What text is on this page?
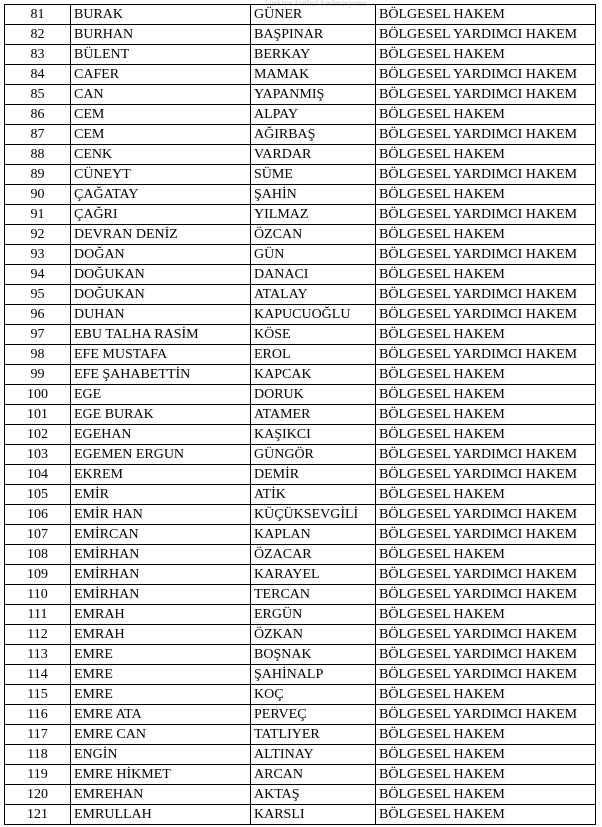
Türkiye Futbol Federasyonu
81	BURAK	GÜNER	BÖLGESEL HAKEM
82	BURHAN	BAŞPINAR	BÖLGESEL YARDIMCI HAKEM
83	BÜLENT	BERKAY	BÖLGESEL HAKEM
84	CAFER	MAMAK	BÖLGESEL YARDIMCI HAKEM
85	CAN	YAPANMIŞ	BÖLGESEL YARDIMCI HAKEM
86	CEM	ALPAY	BÖLGESEL HAKEM
87	CEM	AĞIRBAŞ	BÖLGESEL YARDIMCI HAKEM
88	CENK	VARDAR	BÖLGESEL HAKEM
89	CÜNEYT	SÜME	BÖLGESEL YARDIMCI HAKEM
90	ÇAĞATAY	ŞAHİN	BÖLGESEL HAKEM
91	ÇAĞRI	YILMAZ	BÖLGESEL YARDIMCI HAKEM
92	DEVRAN DENİZ	ÖZCAN	BÖLGESEL HAKEM
93	DOĞAN	GÜN	BÖLGESEL YARDIMCI HAKEM
94	DOĞUKAN	DANACI	BÖLGESEL HAKEM
95	DOĞUKAN	ATALAY	BÖLGESEL YARDIMCI HAKEM
96	DUHAN	KAPUCUOĞLU	BÖLGESEL YARDIMCI HAKEM
97	EBU TALHA RASİM	KÖSE	BÖLGESEL HAKEM
98	EFE MUSTAFA	EROL	BÖLGESEL YARDIMCI HAKEM
99	EFE ŞAHABETTİN	KAPCAK	BÖLGESEL HAKEM
100	EGE	DORUK	BÖLGESEL HAKEM
101	EGE BURAK	ATAMER	BÖLGESEL HAKEM
102	EGEHAN	KAŞIKCI	BÖLGESEL HAKEM
103	EGEMEN ERGUN	GÜNGÖR	BÖLGESEL YARDIMCI HAKEM
104	EKREM	DEMİR	BÖLGESEL YARDIMCI HAKEM
105	EMİR	ATİK	BÖLGESEL HAKEM
106	EMİR HAN	KÜÇÜKSEVGİLİ	BÖLGESEL YARDIMCI HAKEM
107	EMİRCAN	KAPLAN	BÖLGESEL YARDIMCI HAKEM
108	EMİRHAN	ÖZACAR	BÖLGESEL HAKEM
109	EMİRHAN	KARAYEL	BÖLGESEL YARDIMCI HAKEM
110	EMİRHAN	TERCAN	BÖLGESEL YARDIMCI HAKEM
111	EMRAH	ERGÜN	BÖLGESEL HAKEM
112	EMRAH	ÖZKAN	BÖLGESEL YARDIMCI HAKEM
113	EMRE	BOŞNAK	BÖLGESEL YARDIMCI HAKEM
114	EMRE	ŞAHİNALP	BÖLGESEL YARDIMCI HAKEM
115	EMRE	KOÇ	BÖLGESEL HAKEM
116	EMRE ATA	PERVEÇ	BÖLGESEL YARDIMCI HAKEM
117	EMRE CAN	TATLIYER	BÖLGESEL HAKEM
118	ENGİN	ALTINAY	BÖLGESEL HAKEM
119	EMRE HİKMET	ARCAN	BÖLGESEL HAKEM
120	EMREHAN	AKTAŞ	BÖLGESEL HAKEM
121	EMRULLAH	KARSLI	BÖLGESEL HAKEM
